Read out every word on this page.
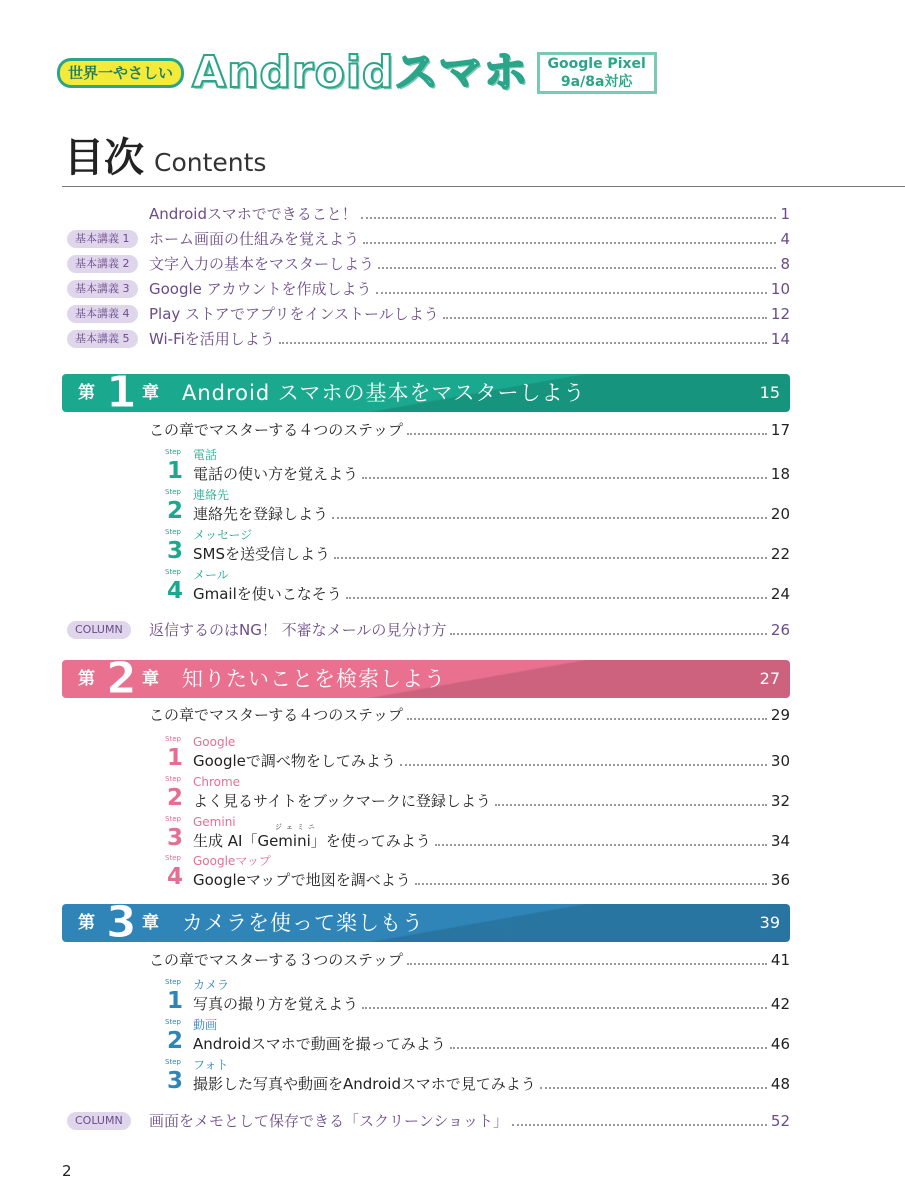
世界一やさしい Androidスマホ	Google Pixel
9a/8a対応
目次 Contents
Androidスマホでできること！	1
基本講義 1	ホーム画面の仕組みを覚えよう	4
基本講義 2	文字入力の基本をマスターしよう	8
基本講義 3	Google アカウントを作成しよう	10
基本講義 4	Play ストアでアプリをインストールしよう	12
基本講義 5	Wi-Fiを活用しよう	14
第 1 章 Android スマホの基本をマスターしよう	15
この章でマスターする４つのステップ	17
Step
1
電話
電話の使い方を覚えよう	18
Step
2
連絡先
連絡先を登録しよう	20
Step
3
メッセージ
SMSを送受信しよう	22
Step
4
メール
Gmailを使いこなそう	24
第 2 章 知りたいことを検索しよう	27
この章でマスターする４つのステップ	29
Step
1
Google
Googleで調べ物をしてみよう	30
Step
2
Chrome
よく見るサイトをブックマークに登録しよう	32
Step
3
Gemini
生成 AI「Gemini」を使ってみよう	34
ジェミニ
Step
4
Googleマップ
Googleマップで地図を調べよう	36
第 3 章 カメラを使って楽しもう	39
この章でマスターする３つのステップ	41
Step
1
カメラ
写真の撮り方を覚えよう	42
Step
2
動画
Androidスマホで動画を撮ってみよう	46
Step
3
フォト
撮影した写真や動画をAndroidスマホで見てみよう	48
COLUMN	返信するのはNG！ 不審なメールの見分け方	26
COLUMN	画面をメモとして保存できる「スクリーンショット」	52
2
